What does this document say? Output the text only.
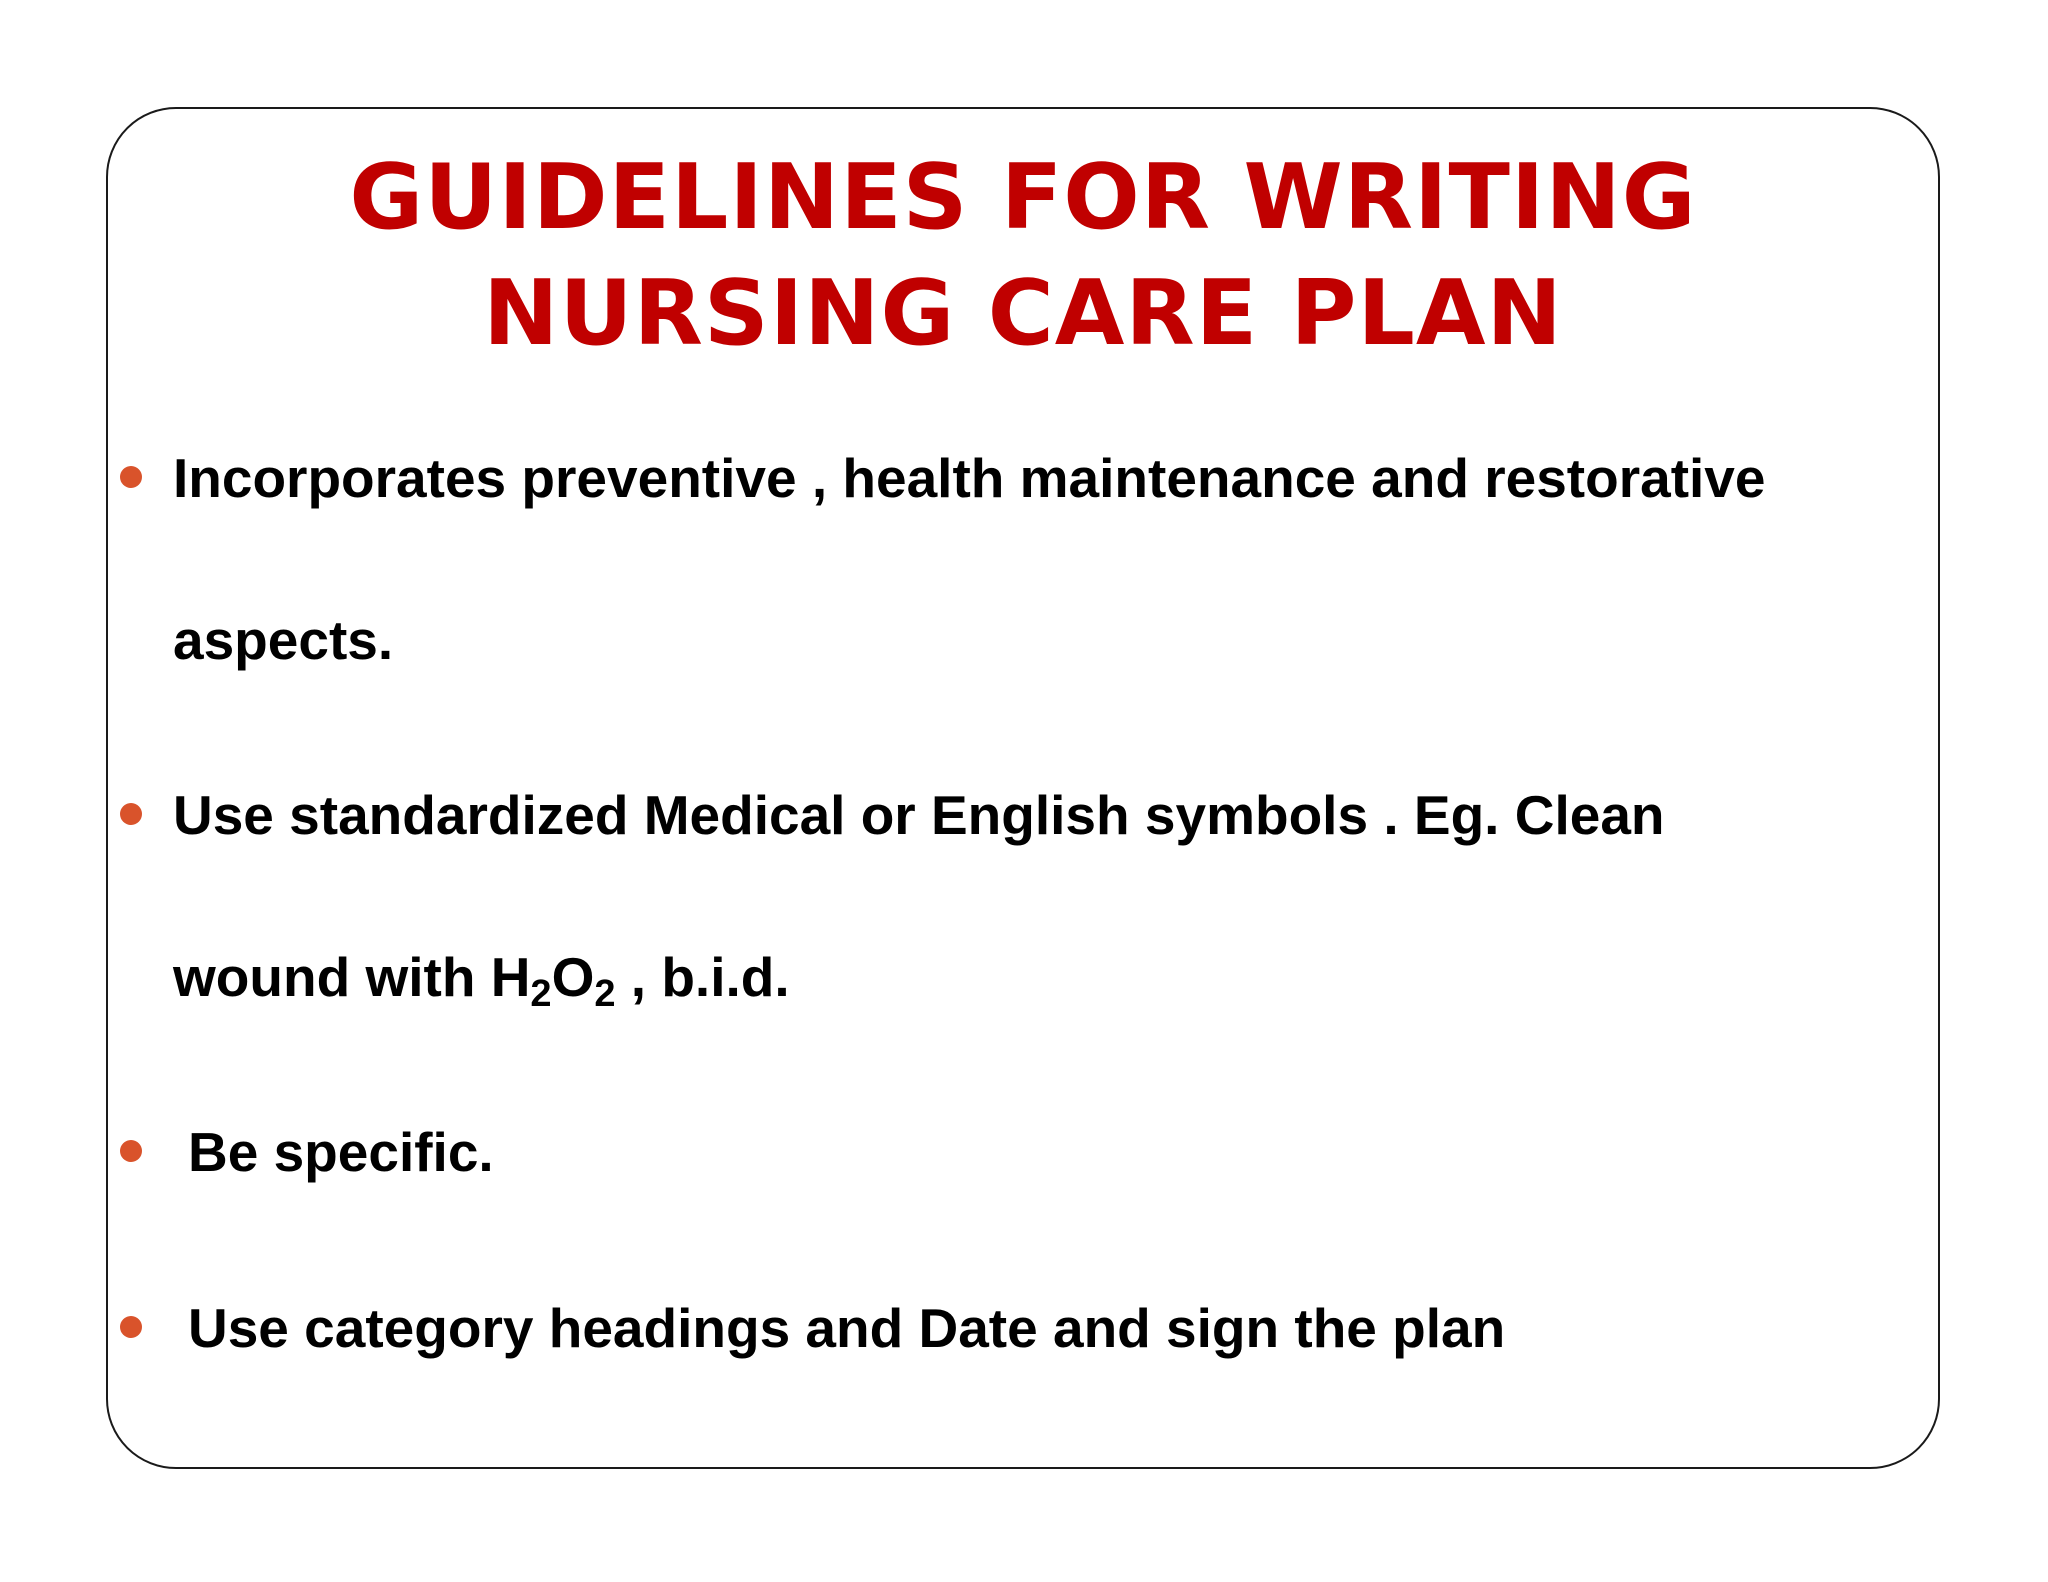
GUIDELINES FOR WRITING
NURSING CARE PLAN
Incorporates preventive , health maintenance and restorative
aspects.
Use standardized Medical or English symbols . Eg. Clean
wound with $H_2O_2$ , b.i.d.
Be specific.
Use category headings and Date and sign the plan
